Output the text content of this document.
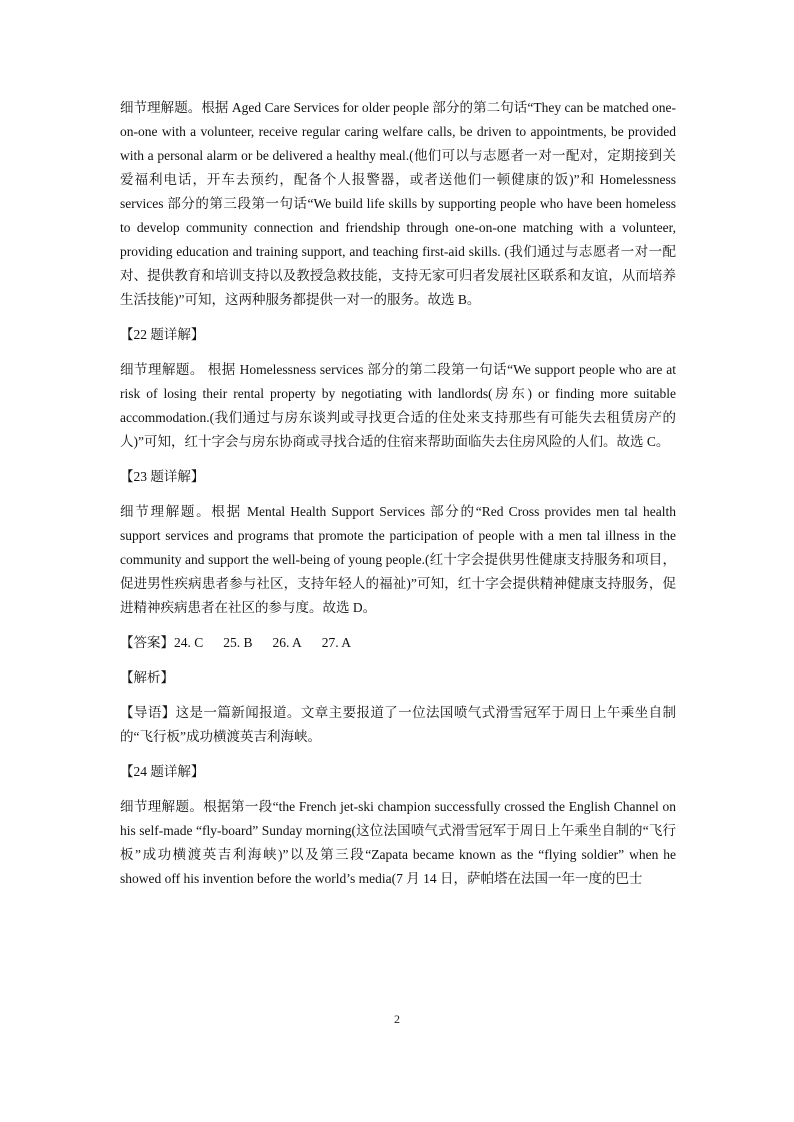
细节理解题。根据 Aged Care Services for older people 部分的第二句话“They can be matched one-on-one with a volunteer, receive regular caring welfare calls, be driven to appointments, be provided with a personal alarm or be delivered a healthy meal.(他们可以与志愿者一对一配对，定期接到关爱福利电话，开车去预约，配备个人报警器，或者送他们一顿健康的饭)”和 Homelessness services 部分的第三段第一句话“We build life skills by supporting people who have been homeless to develop community connection and friendship through one-on-one matching with a volunteer, providing education and training support, and teaching first-aid skills. (我们通过与志愿者一对一配对、提供教育和培训支持以及教授急救技能，支持无家可归者发展社区联系和友谊，从而培养生活技能)”可知，这两种服务都提供一对一的服务。故选 B。

【22 题详解】

细节理解题。 根据 Homelessness services 部分的第二段第一句话“We support people who are at risk of losing their rental property by negotiating with landlords(房东) or finding more suitable accommodation.(我们通过与房东谈判或寻找更合适的住处来支持那些有可能失去租赁房产的人)”可知，红十字会与房东协商或寻找合适的住宿来帮助面临失去住房风险的人们。故选 C。

【23 题详解】

细节理解题。根据 Mental Health Support Services 部分的“Red Cross provides men tal health support services and programs that promote the participation of people with a men tal illness in the community and support the well-being of young people.(红十字会提供男性健康支持服务和项目，促进男性疾病患者参与社区，支持年轻人的福祉)”可知，红十字会提供精神健康支持服务，促进精神疾病患者在社区的参与度。故选 D。

【答案】 24. C 25. B 26. A 27. A

【解析】

【导语】这是一篇新闻报道。文章主要报道了一位法国喷气式滑雪冠军于周日上午乘坐自制的“飞行板”成功横渡英吉利海峡。

【24 题详解】

细节理解题。根据第一段“the French jet-ski champion successfully crossed the English Channel on his self-made “fly-board” Sunday morning(这位法国喷气式滑雪冠军于周日上午乘坐自制的“飞行板”成功横渡英吉利海峡)”以及第三段“Zapata became known as the “flying soldier” when he showed off his invention before the world’s media(7 月 14 日，萨帕塔在法国一年一度的巴士

2
